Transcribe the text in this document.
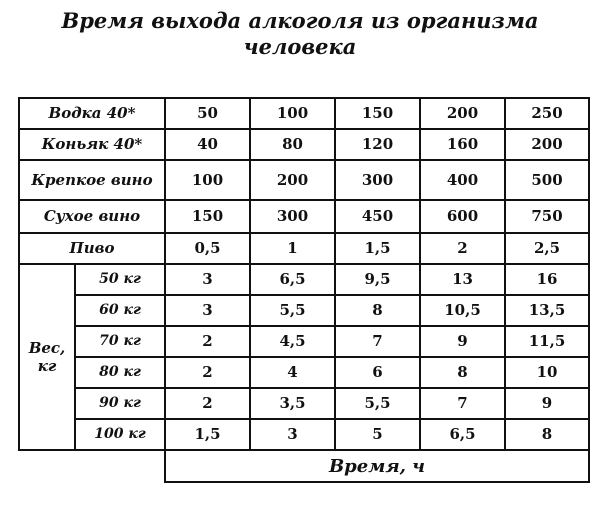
Время выхода алкоголя из организма
человека
Водка 40*		50	100	150	200	250
Коньяк 40*		40	80	120	160	200
Крепкое вино		100	200	300	400	500
Сухое вино		150	300	450	600	750
Пиво		0,5	1	1,5	2	2,5
Вес, кг	50 кг	3	6,5	9,5	13	16
	60 кг	3	5,5	8	10,5	13,5
	70 кг	2	4,5	7	9	11,5
	80 кг	2	4	6	8	10
	90 кг	2	3,5	5,5	7	9
	100 кг	1,5	3	5	6,5	8
		Время, ч				
